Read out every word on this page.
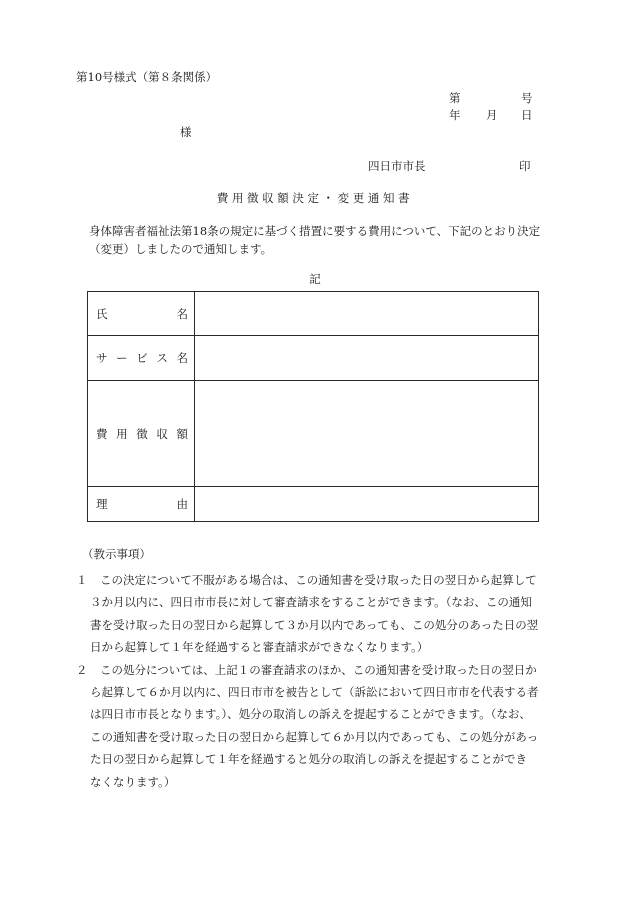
第10号様式（第８条関係）
第	号
年 月 日
様
四日市市長	印
費用徴収額決定・変更通知書
身体障害者福祉法第18条の規定に基づく措置に要する費用について、下記のとおり決定
（変更）しましたので通知します。
記
氏 名	

サ ー ビ ス 名	

費 用 徴 収 額	

理 由	

（教示事項）
１	この決定について不服がある場合は、この通知書を受け取った日の翌日から起算して
３か月以内に、四日市市長に対して審査請求をすることができます。（なお、この通知
書を受け取った日の翌日から起算して３か月以内であっても、この処分のあった日の翌
日から起算して１年を経過すると審査請求ができなくなります。）
２	この処分については、上記１の審査請求のほか、この通知書を受け取った日の翌日か
ら起算して６か月以内に、四日市市を被告として（訴訟において四日市市を代表する者
は四日市市長となります。）、処分の取消しの訴えを提起することができます。（なお、
この通知書を受け取った日の翌日から起算して６か月以内であっても、この処分があっ
た日の翌日から起算して１年を経過すると処分の取消しの訴えを提起することができ
なくなります。）
